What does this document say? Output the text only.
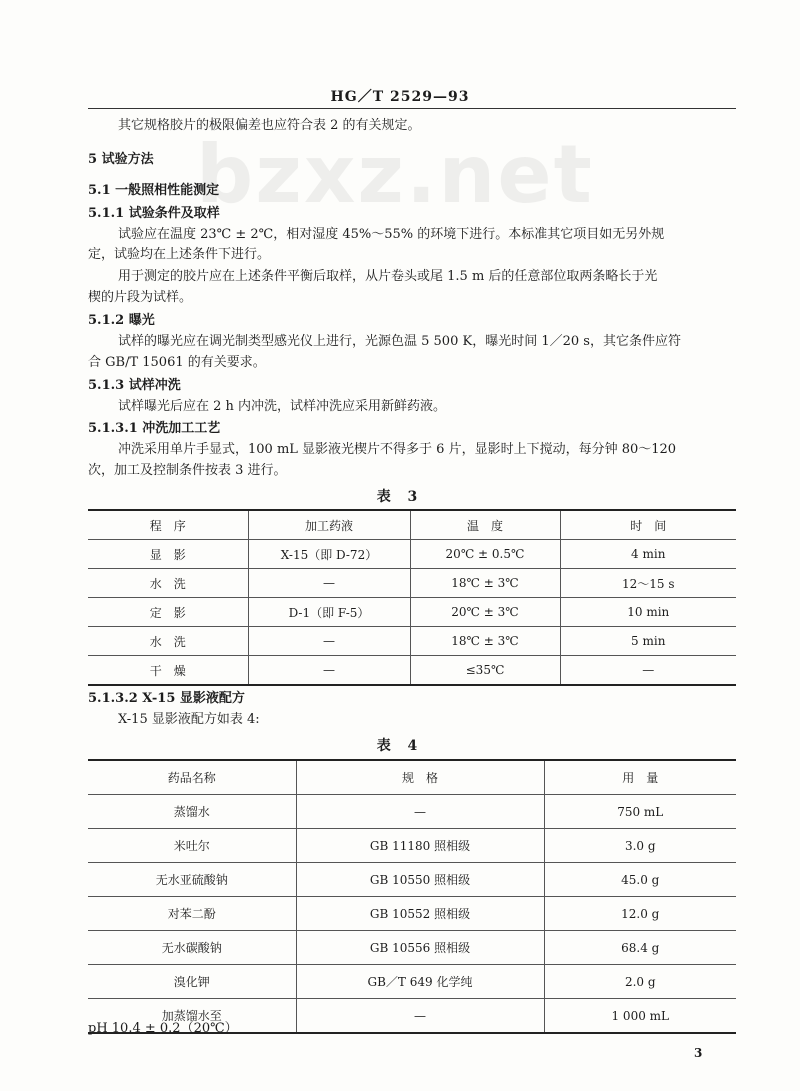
HG／T 2529—93
bzxz.net
其它规格胶片的极限偏差也应符合表 2 的有关规定。
5 试验方法
5.1 一般照相性能测定
5.1.1 试验条件及取样
试验应在温度 23℃ ± 2℃，相对湿度 45%～55% 的环境下进行。本标准其它项目如无另外规
定，试验均在上述条件下进行。
用于测定的胶片应在上述条件平衡后取样，从片卷头或尾 1.5 m 后的任意部位取两条略长于光
楔的片段为试样。
5.1.2 曝光
试样的曝光应在调光制类型感光仪上进行，光源色温 5 500 K，曝光时间 1／20 s，其它条件应符
合 GB/T 15061 的有关要求。
5.1.3 试样冲洗
试样曝光后应在 2 h 内冲洗，试样冲洗应采用新鲜药液。
5.1.3.1 冲洗加工工艺
冲洗采用单片手显式，100 mL 显影液光楔片不得多于 6 片，显影时上下搅动，每分钟 80～120
次，加工及控制条件按表 3 进行。
表 3
程　序	加工药液	温　度	时　间
显　影	X-15（即 D-72）	20℃ ± 0.5℃	4 min
水　洗	—	18℃ ± 3℃	12～15 s
定　影	D-1（即 F-5）	20℃ ± 3℃	10 min
水　洗	—	18℃ ± 3℃	5 min
干　燥	—	≤35℃	—
5.1.3.2 X-15 显影液配方
X-15 显影液配方如表 4:
表 4
药品名称	规　格	用　量
蒸馏水	—	750 mL
米吐尔	GB 11180 照相级	3.0 g
无水亚硫酸钠	GB 10550 照相级	45.0 g
对苯二酚	GB 10552 照相级	12.0 g
无水碳酸钠	GB 10556 照相级	68.4 g
溴化钾	GB／T 649 化学纯	2.0 g
加蒸馏水至	—	1 000 mL
pH 10.4 ± 0.2（20℃）
3
